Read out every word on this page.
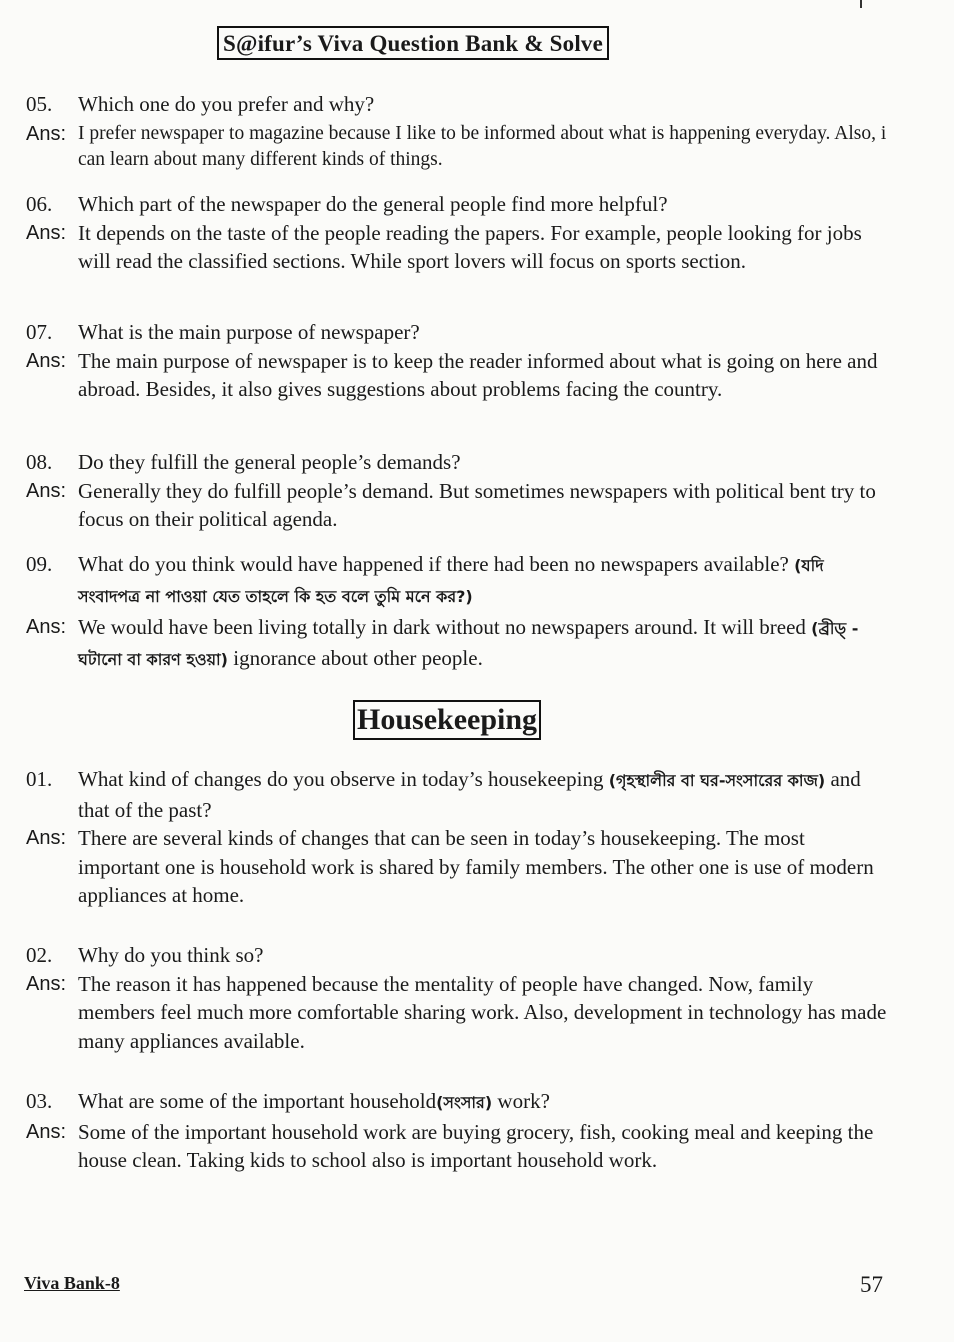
S@ifur’s Viva Question Bank & Solve
05.	Which one do you prefer and why?
Ans: I prefer newspaper to magazine because I like to be informed about what is happening everyday. Also, i can learn about many different kinds of things.
06.	Which part of the newspaper do the general people find more helpful?
Ans: It depends on the taste of the people reading the papers. For example, people looking for jobs will read the classified sections. While sport lovers will focus on sports section.
07.	What is the main purpose of newspaper?
Ans: The main purpose of newspaper is to keep the reader informed about what is going on here and abroad. Besides, it also gives suggestions about problems facing the country.
08.	Do they fulfill the general people’s demands?
Ans: Generally they do fulfill people’s demand. But sometimes newspapers with political bent try to focus on their political agenda.
09.	What do you think would have happened if there had been no newspapers available? (যদি সংবাদপত্র না পাওয়া যেত তাহলে কি হত বলে তুমি মনে কর?)
Ans: We would have been living totally in dark without no newspapers around. It will breed (ব্রীড্ - ঘটানো বা কারণ হওয়া) ignorance about other people.
Housekeeping
01.	What kind of changes do you observe in today’s housekeeping (গৃহস্থালীর বা ঘর-সংসারের কাজ) and that of the past?
Ans: There are several kinds of changes that can be seen in today’s housekeeping. The most important one is household work is shared by family members. The other one is use of modern appliances at home.
02.	Why do you think so?
Ans: The reason it has happened because the mentality of people have changed. Now, family members feel much more comfortable sharing work. Also, development in technology has made many appliances available.
03.	What are some of the important household(সংসার) work?
Ans: Some of the important household work are buying grocery, fish, cooking meal and keeping the house clean. Taking kids to school also is important household work.
Viva Bank-8	57
